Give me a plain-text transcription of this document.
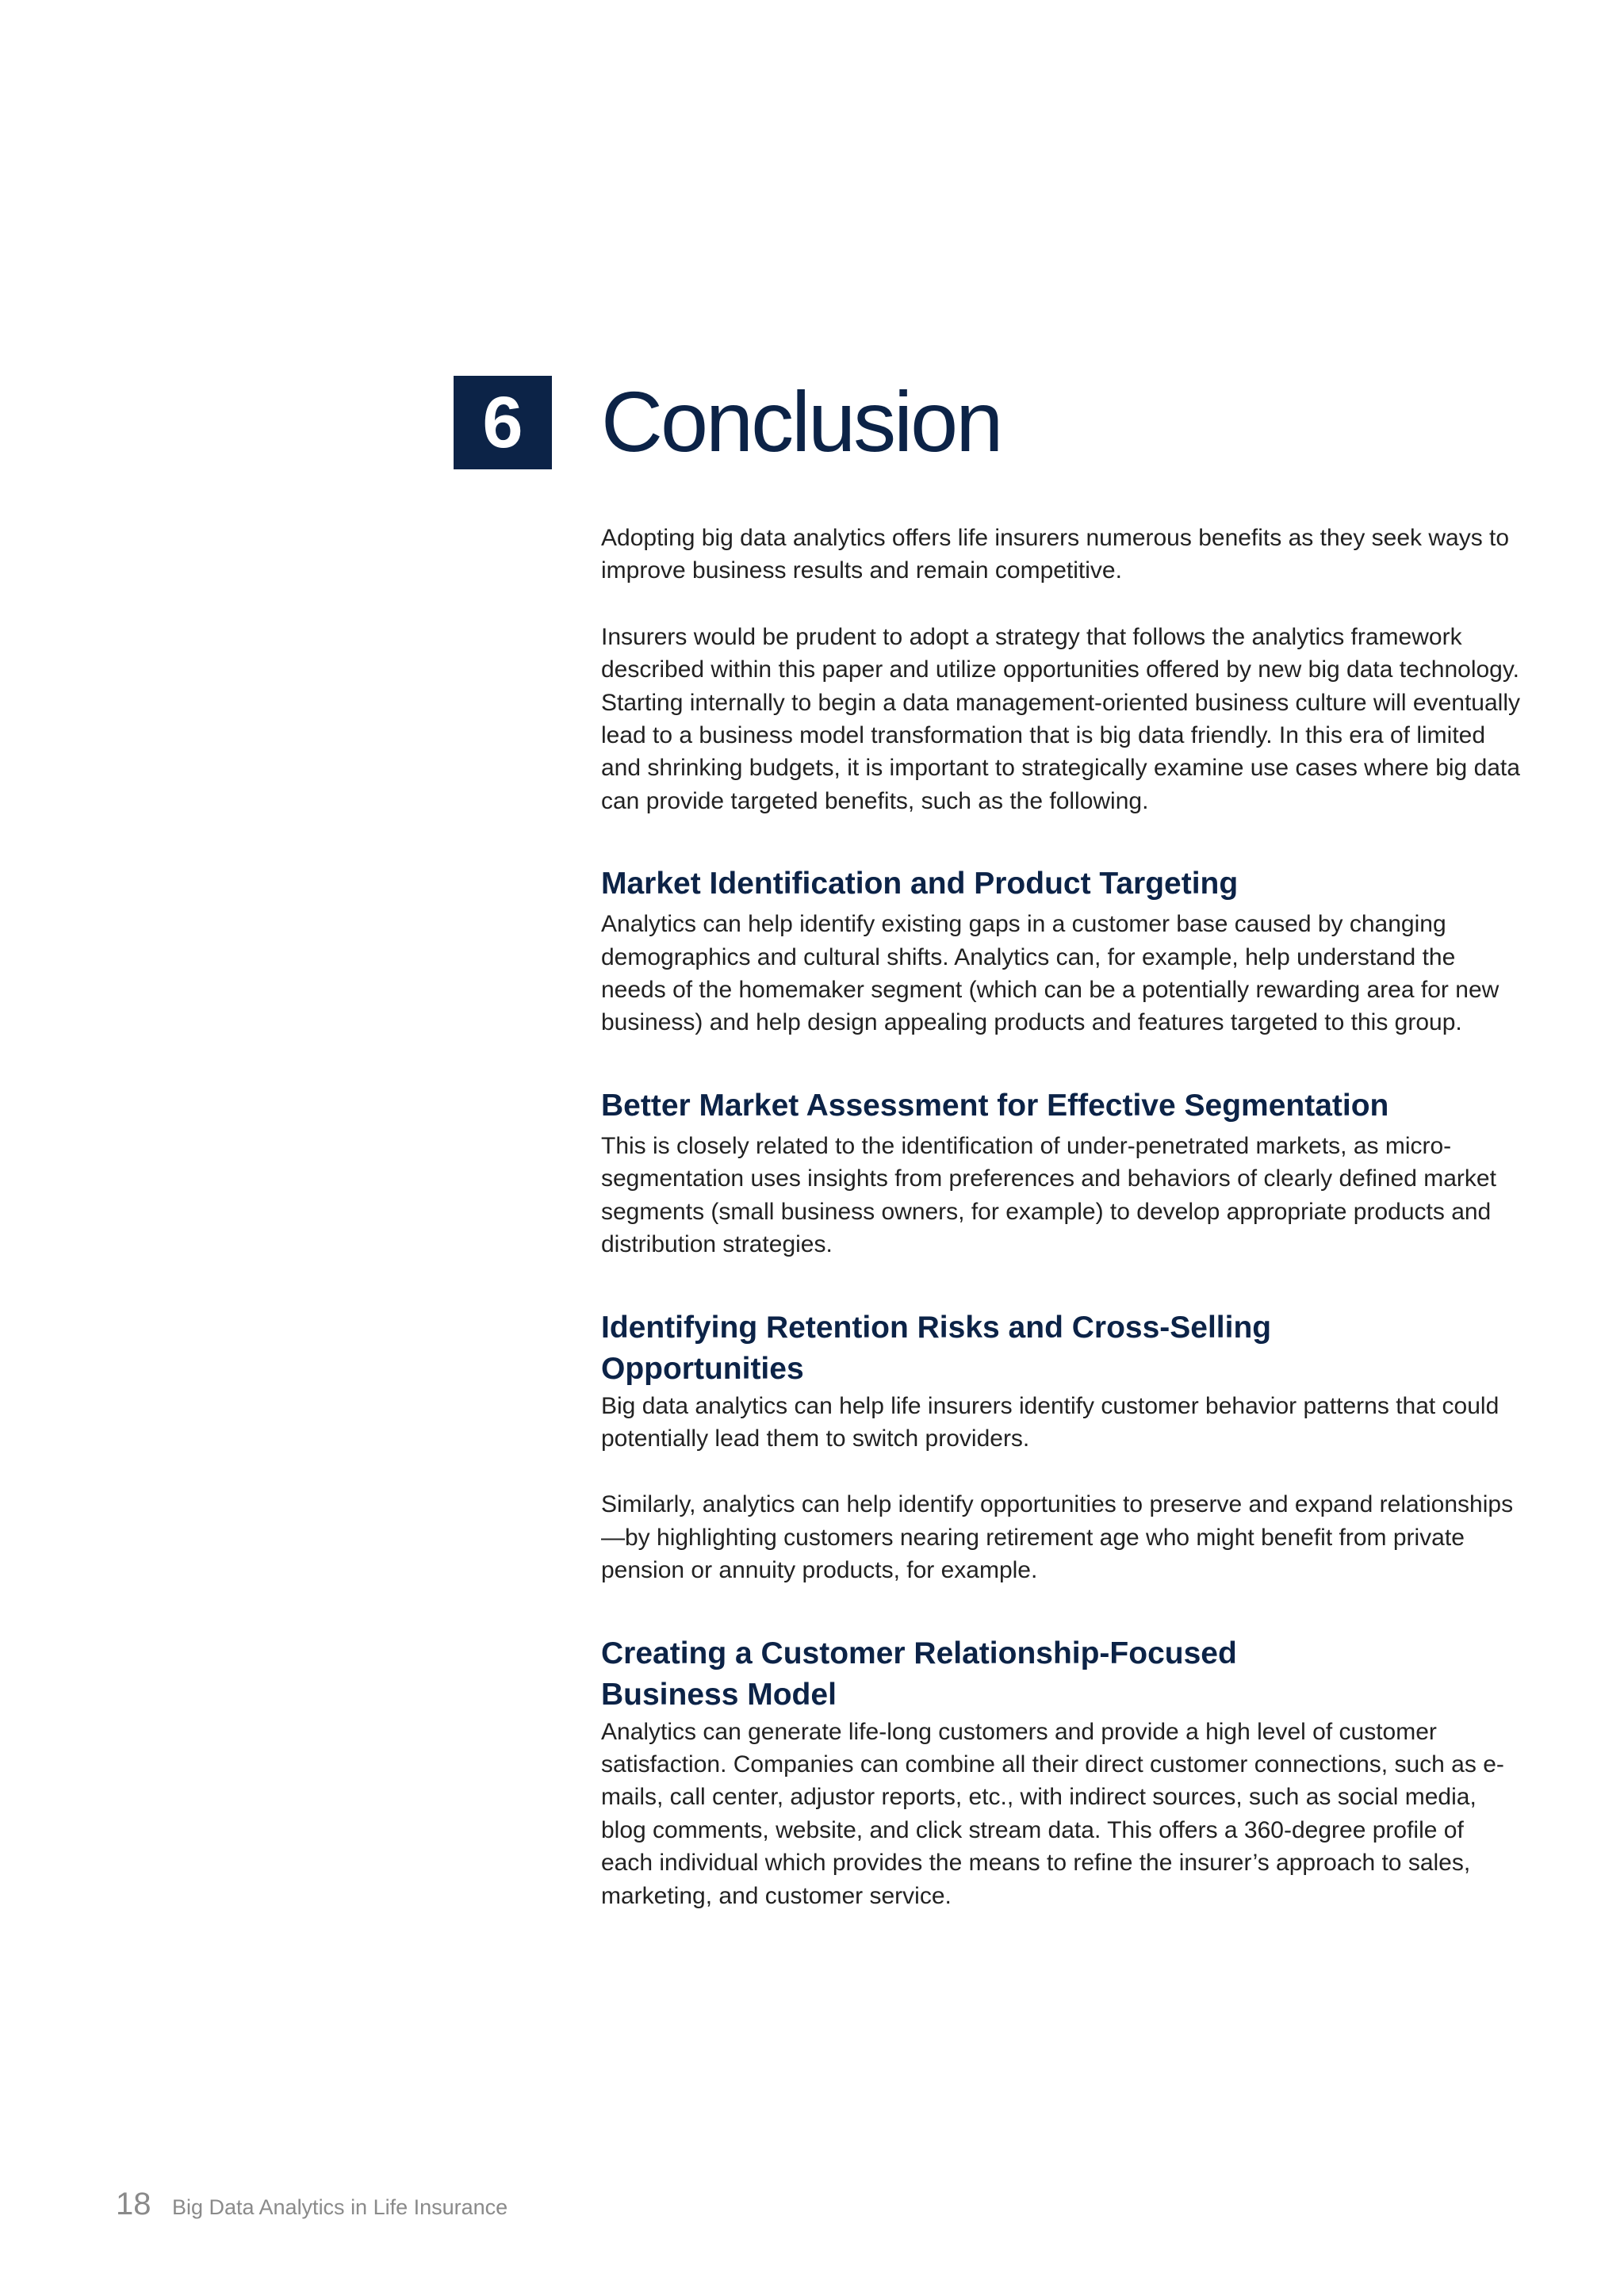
6 Conclusion

Adopting big data analytics offers life insurers numerous benefits as they seek ways to improve business results and remain competitive.

Insurers would be prudent to adopt a strategy that follows the analytics framework described within this paper and utilize opportunities offered by new big data technology. Starting internally to begin a data management-oriented business culture will eventually lead to a business model transformation that is big data friendly. In this era of limited and shrinking budgets, it is important to strategically examine use cases where big data can provide targeted benefits, such as the following.

Market Identification and Product Targeting

Analytics can help identify existing gaps in a customer base caused by changing demographics and cultural shifts. Analytics can, for example, help understand the needs of the homemaker segment (which can be a potentially rewarding area for new business) and help design appealing products and features targeted to this group.

Better Market Assessment for Effective Segmentation

This is closely related to the identification of under-penetrated markets, as micro-segmentation uses insights from preferences and behaviors of clearly defined market segments (small business owners, for example) to develop appropriate products and distribution strategies.

Identifying Retention Risks and Cross-Selling Opportunities

Big data analytics can help life insurers identify customer behavior patterns that could potentially lead them to switch providers.

Similarly, analytics can help identify opportunities to preserve and expand relationships—by highlighting customers nearing retirement age who might benefit from private pension or annuity products, for example.

Creating a Customer Relationship-Focused Business Model

Analytics can generate life-long customers and provide a high level of customer satisfaction. Companies can combine all their direct customer connections, such as e-mails, call center, adjustor reports, etc., with indirect sources, such as social media, blog comments, website, and click stream data. This offers a 360-degree profile of each individual which provides the means to refine the insurer’s approach to sales, marketing, and customer service.

18 Big Data Analytics in Life Insurance
